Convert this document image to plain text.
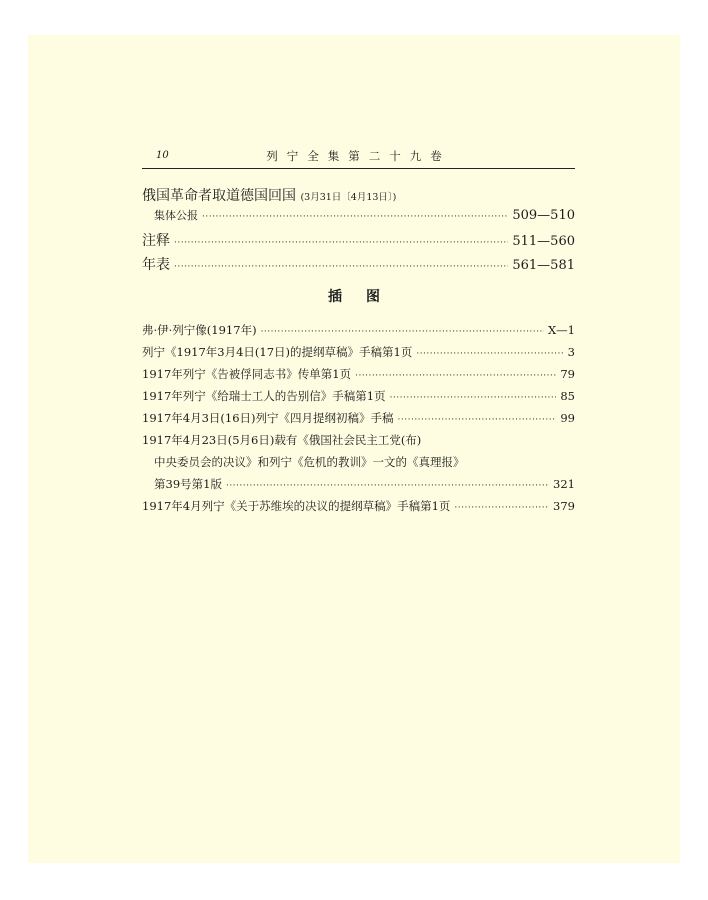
10	列宁全集第二十九卷
俄国革命者取道德国回国 (3月31日〔4月13日〕)
集体公报 ·····	509—510
注释 ·····	511—560
年表 ·····	561—581
插图
弗·伊·列宁像(1917年) ·····	X—1
列宁《1917年3月4日(17日)的提纲草稿》手稿第1页 ·····	3
1917年列宁《告被俘同志书》传单第1页 ·····	79
1917年列宁《给瑞士工人的告别信》手稿第1页 ·····	85
1917年4月3日(16日)列宁《四月提纲初稿》手稿 ·····	99
1917年4月23日(5月6日)载有《俄国社会民主工党(布)
中央委员会的决议》和列宁《危机的教训》一文的《真理报》
第39号第1版 ·····	321
1917年4月列宁《关于苏维埃的决议的提纲草稿》手稿第1页 ·····	379
